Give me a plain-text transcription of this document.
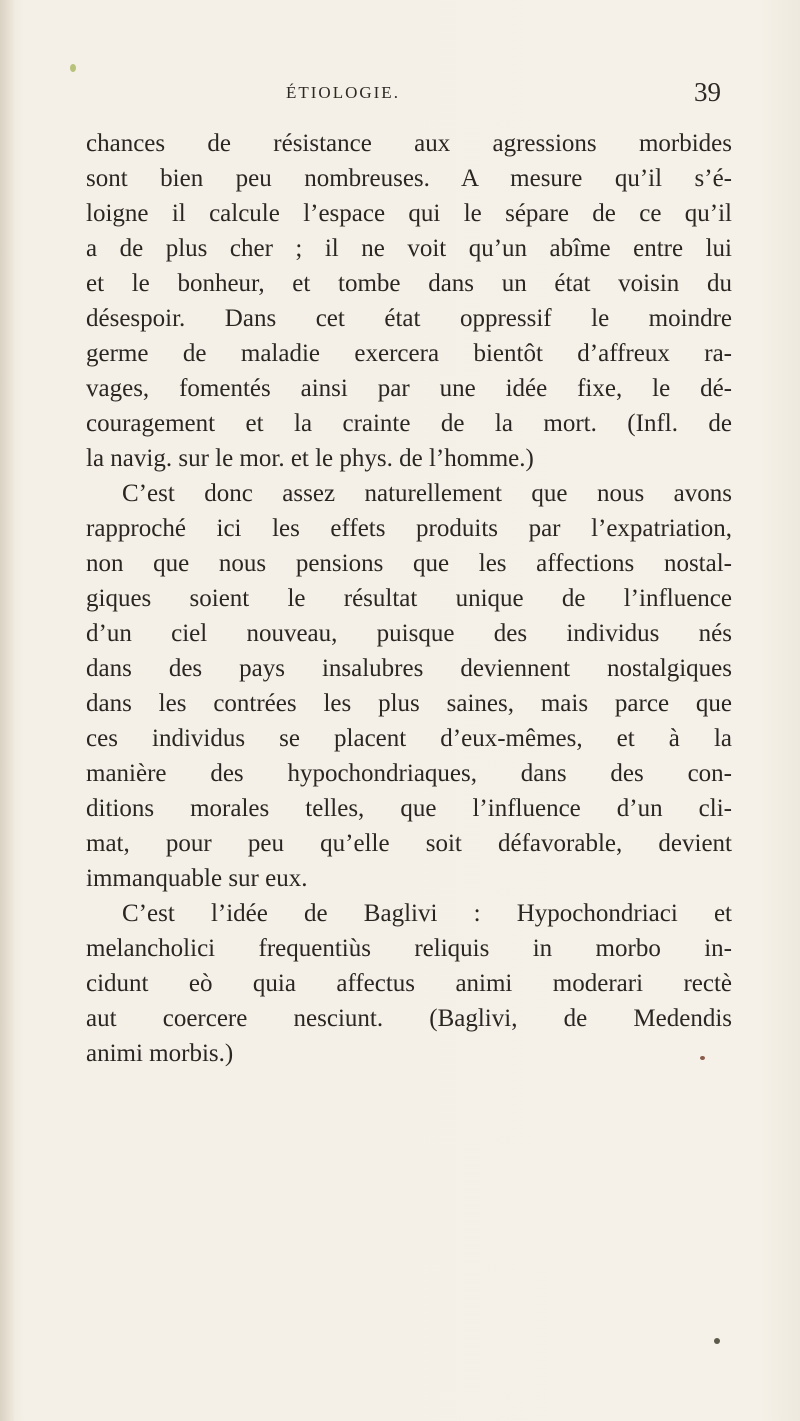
ÉTIOLOGIE.	39
chances de résistance aux agressions morbides
sont bien peu nombreuses. A mesure qu’il s’é-
loigne il calcule l’espace qui le sépare de ce qu’il
a de plus cher ; il ne voit qu’un abîme entre lui
et le bonheur, et tombe dans un état voisin du
désespoir. Dans cet état oppressif le moindre
germe de maladie exercera bientôt d’affreux ra-
vages, fomentés ainsi par une idée fixe, le dé-
couragement et la crainte de la mort. (Infl. de
la navig. sur le mor. et le phys. de l’homme.)
C’est donc assez naturellement que nous avons
rapproché ici les effets produits par l’expatriation,
non que nous pensions que les affections nostal-
giques soient le résultat unique de l’influence
d’un ciel nouveau, puisque des individus nés
dans des pays insalubres deviennent nostalgiques
dans les contrées les plus saines, mais parce que
ces individus se placent d’eux-mêmes, et à la
manière des hypochondriaques, dans des con-
ditions morales telles, que l’influence d’un cli-
mat, pour peu qu’elle soit défavorable, devient
immanquable sur eux.
C’est l’idée de Baglivi : Hypochondriaci et
melancholici frequentiùs reliquis in morbo in-
cidunt eò quia affectus animi moderari rectè
aut coercere nesciunt. (Baglivi, de Medendis
animi morbis.)
